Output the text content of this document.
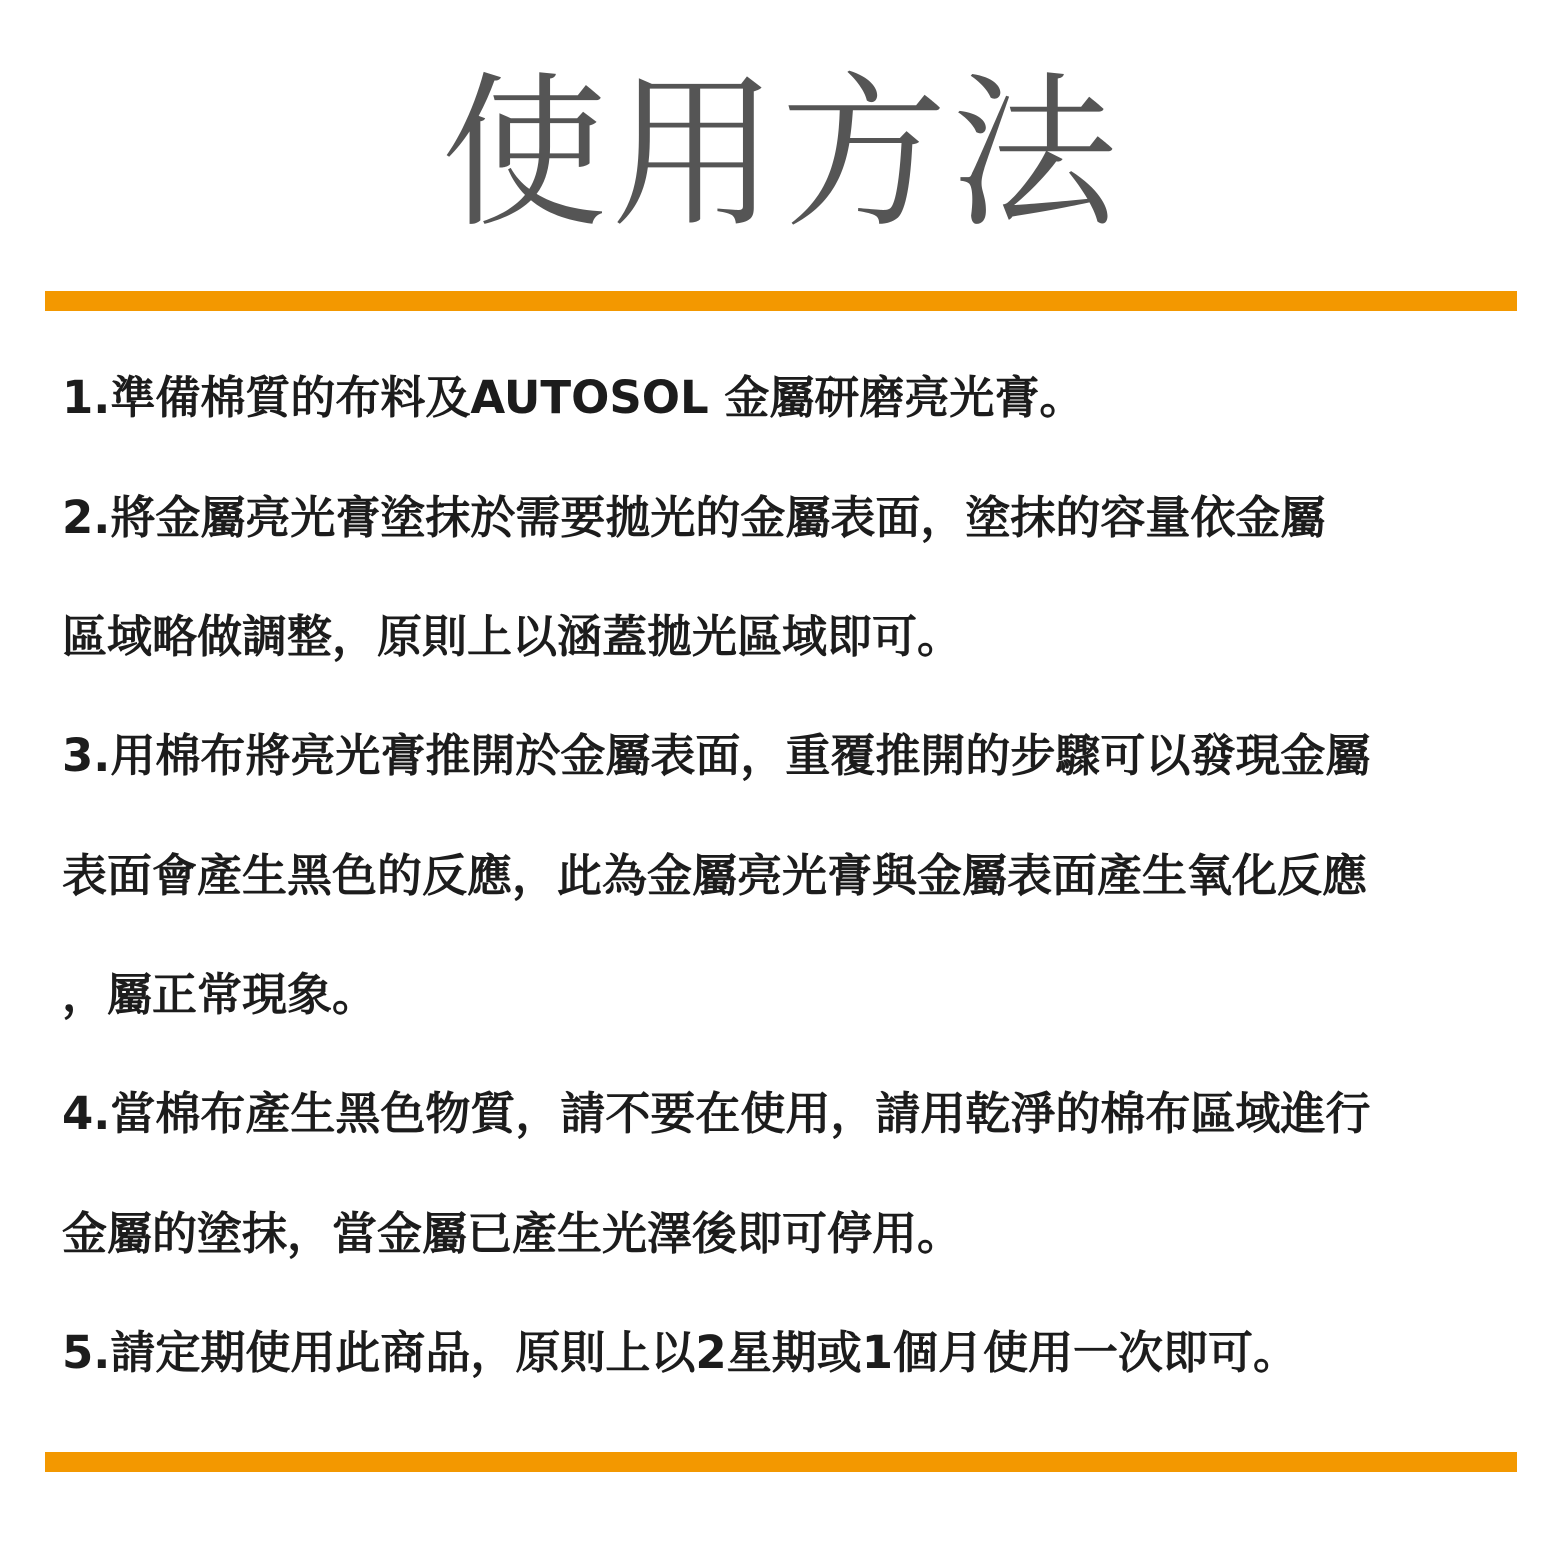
使用方法
1.準備棉質的布料及AUTOSOL 金屬研磨亮光膏。
2.將金屬亮光膏塗抹於需要拋光的金屬表面，塗抹的容量依金屬
區域略做調整，原則上以涵蓋拋光區域即可。
3.用棉布將亮光膏推開於金屬表面，重覆推開的步驟可以發現金屬
表面會產生黑色的反應，此為金屬亮光膏與金屬表面產生氧化反應
，屬正常現象。
4.當棉布產生黑色物質，請不要在使用，請用乾淨的棉布區域進行
金屬的塗抹，當金屬已產生光澤後即可停用。
5.請定期使用此商品，原則上以2星期或1個月使用一次即可。
